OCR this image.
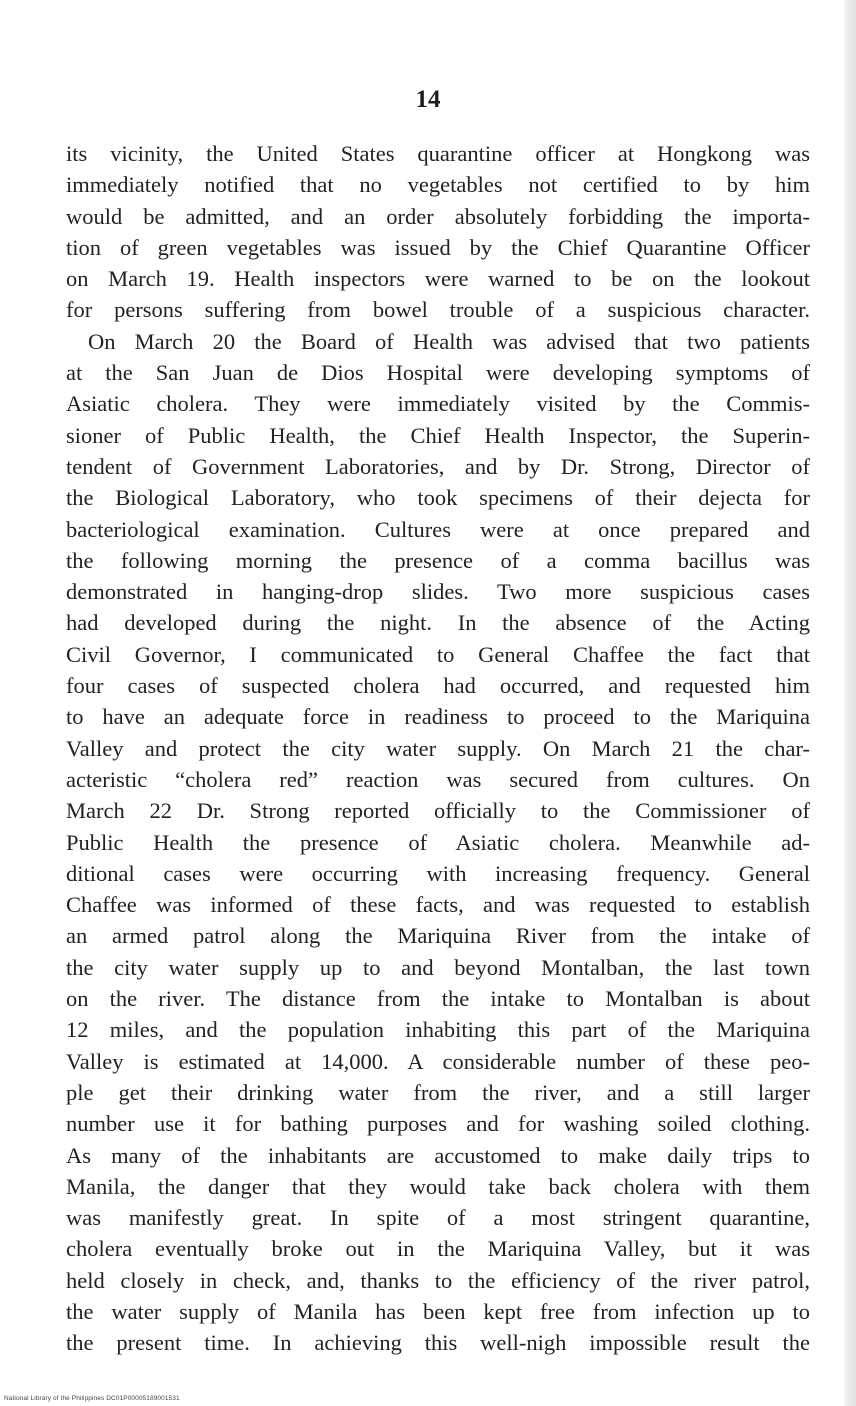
14
its vicinity, the United States quarantine officer at Hongkong was
immediately notified that no vegetables not certified to by him
would be admitted, and an order absolutely forbidding the importa-
tion of green vegetables was issued by the Chief Quarantine Officer
on March 19. Health inspectors were warned to be on the lookout
for persons suffering from bowel trouble of a suspicious character.
On March 20 the Board of Health was advised that two patients
at the San Juan de Dios Hospital were developing symptoms of
Asiatic cholera. They were immediately visited by the Commis-
sioner of Public Health, the Chief Health Inspector, the Superin-
tendent of Government Laboratories, and by Dr. Strong, Director of
the Biological Laboratory, who took specimens of their dejecta for
bacteriological examination. Cultures were at once prepared and
the following morning the presence of a comma bacillus was
demonstrated in hanging-drop slides. Two more suspicious cases
had developed during the night. In the absence of the Acting
Civil Governor, I communicated to General Chaffee the fact that
four cases of suspected cholera had occurred, and requested him
to have an adequate force in readiness to proceed to the Mariquina
Valley and protect the city water supply. On March 21 the char-
acteristic “cholera red” reaction was secured from cultures. On
March 22 Dr. Strong reported officially to the Commissioner of
Public Health the presence of Asiatic cholera. Meanwhile ad-
ditional cases were occurring with increasing frequency. General
Chaffee was informed of these facts, and was requested to establish
an armed patrol along the Mariquina River from the intake of
the city water supply up to and beyond Montalban, the last town
on the river. The distance from the intake to Montalban is about
12 miles, and the population inhabiting this part of the Mariquina
Valley is estimated at 14,000. A considerable number of these peo-
ple get their drinking water from the river, and a still larger
number use it for bathing purposes and for washing soiled clothing.
As many of the inhabitants are accustomed to make daily trips to
Manila, the danger that they would take back cholera with them
was manifestly great. In spite of a most stringent quarantine,
cholera eventually broke out in the Mariquina Valley, but it was
held closely in check, and, thanks to the efficiency of the river patrol,
the water supply of Manila has been kept free from infection up to
the present time. In achieving this well-nigh impossible result the
National Library of the Philippines DC01P00005189001531
